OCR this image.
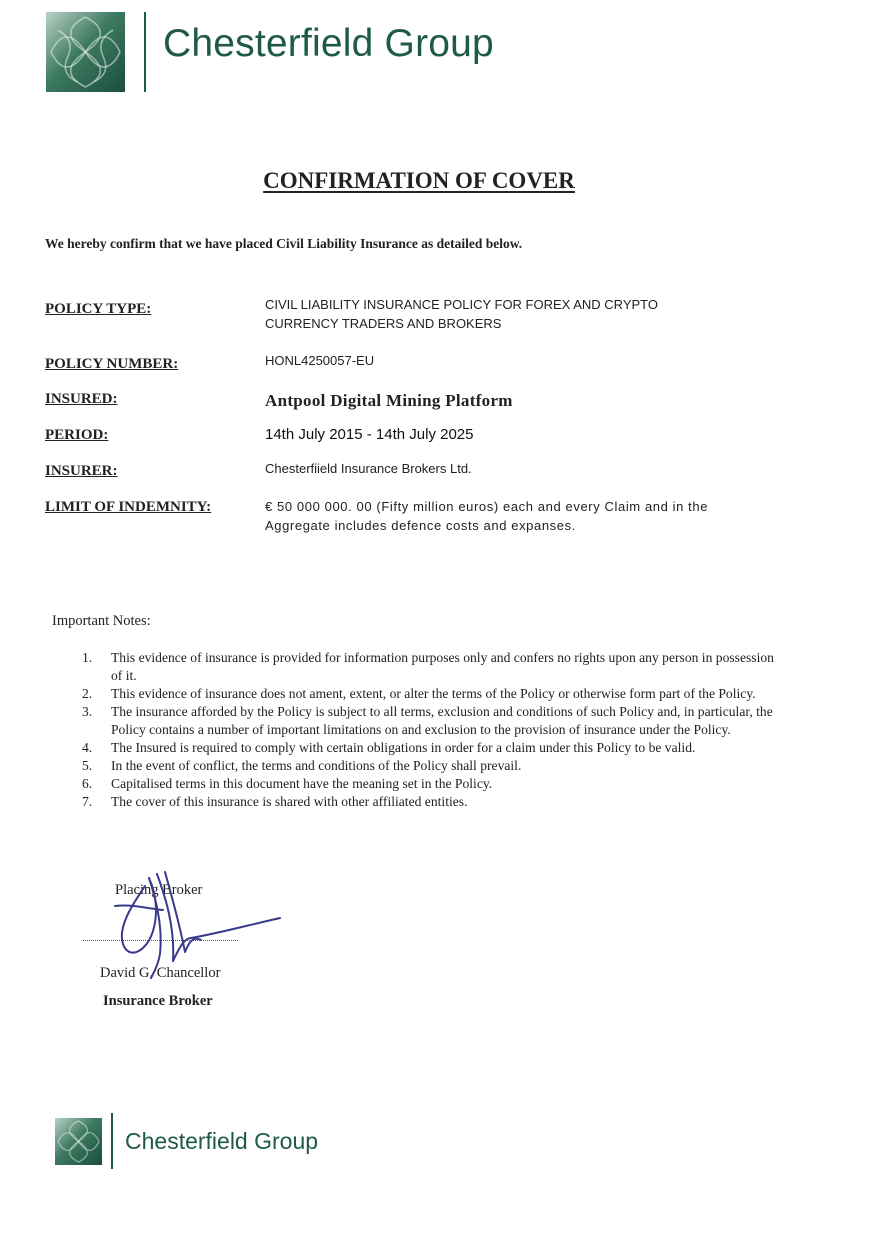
Chesterfield Group
CONFIRMATION OF COVER
We hereby confirm that we have placed Civil Liability Insurance as detailed below.
POLICY TYPE:	CIVIL LIABILITY INSURANCE POLICY FOR FOREX AND CRYPTO
CURRENCY TRADERS AND BROKERS
POLICY NUMBER:	HONL4250057-EU
INSURED:	Antpool Digital Mining Platform
PERIOD:	14th July 2015 - 14th July 2025
INSURER:	Chesterfiield Insurance Brokers Ltd.
LIMIT OF INDEMNITY:	€ 50 000 000. 00 (Fifty million euros) each and every Claim and in the Aggregate includes defence costs and expanses.
Important Notes:
1.	This evidence of insurance is provided for information purposes only and confers no rights upon any person in possession of it.
2.	This evidence of insurance does not ament, extent, or alter the terms of the Policy or otherwise form part of the Policy.
3.	The insurance afforded by the Policy is subject to all terms, exclusion and conditions of such Policy and, in particular, the Policy contains a number of important limitations on and exclusion to the provision of insurance under the Policy.
4.	The Insured is required to comply with certain obligations in order for a claim under this Policy to be valid.
5.	In the event of conflict, the terms and conditions of the Policy shall prevail.
6.	Capitalised terms in this document have the meaning set in the Policy.
7.	The cover of this insurance is shared with other affiliated entities.
Placing Broker
David G. Chancellor
Insurance Broker
Chesterfield Group
